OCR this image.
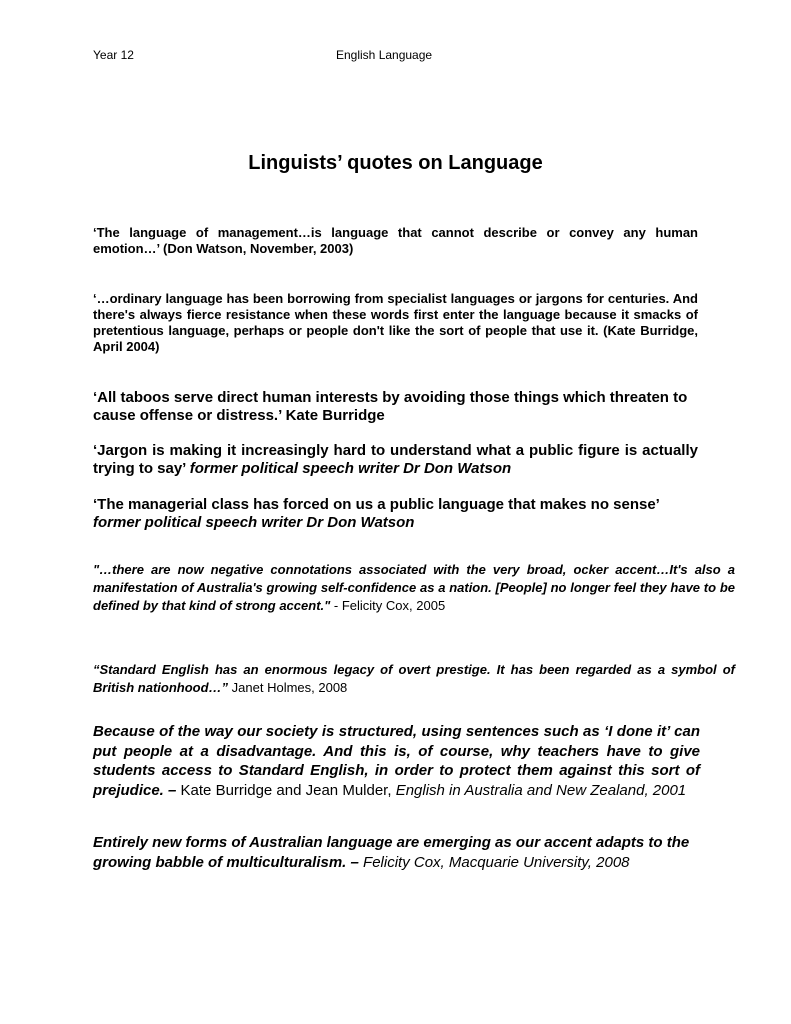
Year 12	English Language
Linguists’ quotes on Language

‘The language of management…is language that cannot describe or convey any human emotion…’ (Don Watson, November, 2003)

‘…ordinary language has been borrowing from specialist languages or jargons for centuries. And there's always fierce resistance when these words first enter the language because it smacks of pretentious language, perhaps or people don't like the sort of people that use it. (Kate Burridge, April 2004)

‘All taboos serve direct human interests by avoiding those things which threaten to cause offense or distress.’ Kate Burridge

‘Jargon is making it increasingly hard to understand what a public figure is actually trying to say’ former political speech writer Dr Don Watson

‘The managerial class has forced on us a public language that makes no sense’
former political speech writer Dr Don Watson

"…there are now negative connotations associated with the very broad, ocker accent…It's also a manifestation of Australia's growing self-confidence as a nation. [People] no longer feel they have to be defined by that kind of strong accent." - Felicity Cox, 2005

“Standard English has an enormous legacy of overt prestige. It has been regarded as a symbol of British nationhood…” Janet Holmes, 2008

Because of the way our society is structured, using sentences such as ‘I done it’ can put people at a disadvantage. And this is, of course, why teachers have to give students access to Standard English, in order to protect them against this sort of prejudice. – Kate Burridge and Jean Mulder, English in Australia and New Zealand, 2001

Entirely new forms of Australian language are emerging as our accent adapts to the growing babble of multiculturalism. – Felicity Cox, Macquarie University, 2008
